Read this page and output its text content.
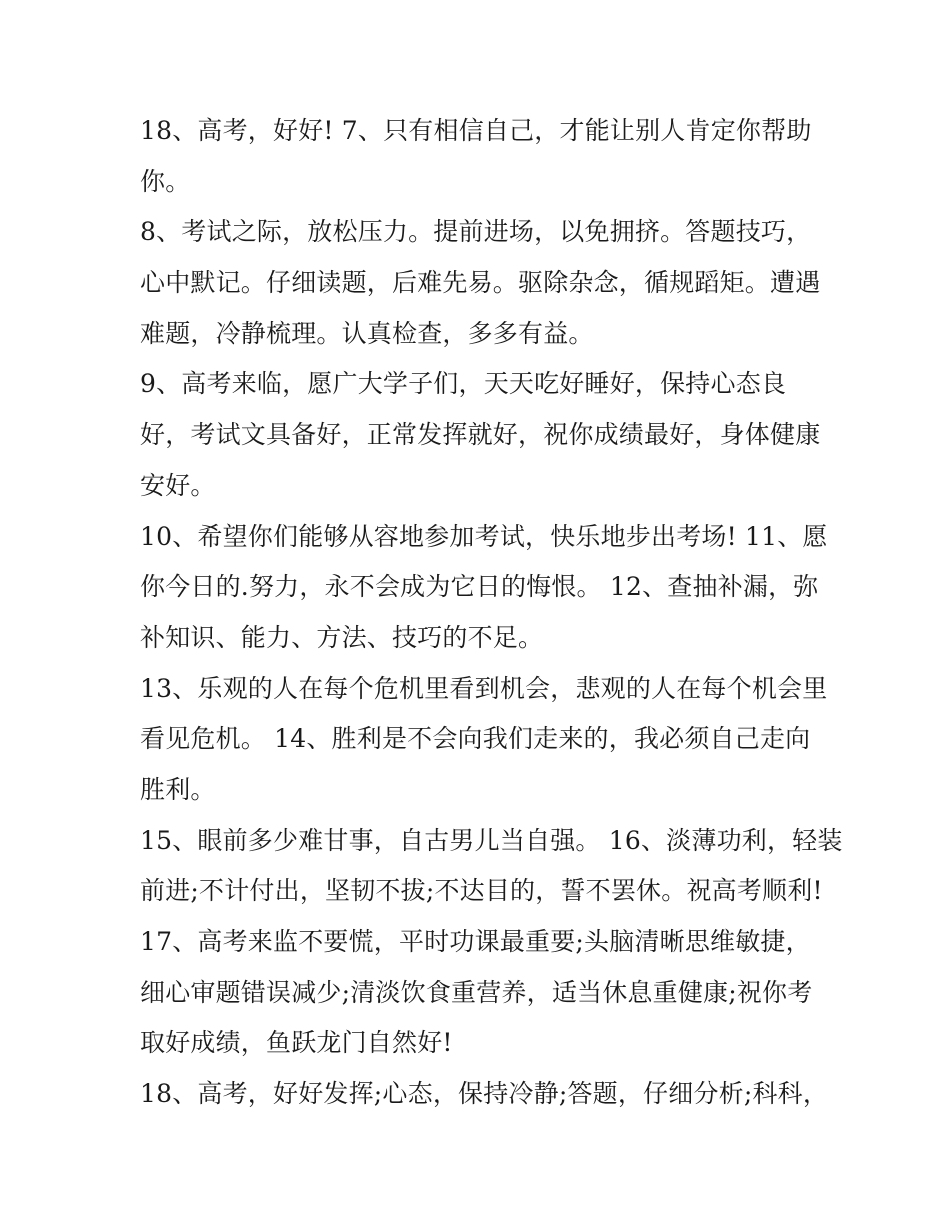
18、高考，好好! 7、只有相信自己，才能让别人肯定你帮助
你。

8、考试之际，放松压力。提前进场，以免拥挤。答题技巧，
心中默记。仔细读题，后难先易。驱除杂念，循规蹈矩。遭遇
难题，冷静梳理。认真检查，多多有益。

9、高考来临，愿广大学子们，天天吃好睡好，保持心态良
好，考试文具备好，正常发挥就好，祝你成绩最好，身体健康
安好。

10、希望你们能够从容地参加考试，快乐地步出考场! 11、愿
你今日的.努力，永不会成为它日的悔恨。 12、查抽补漏，弥
补知识、能力、方法、技巧的不足。

13、乐观的人在每个危机里看到机会，悲观的人在每个机会里
看见危机。 14、胜利是不会向我们走来的，我必须自己走向
胜利。

15、眼前多少难甘事，自古男儿当自强。 16、淡薄功利，轻装
前进;不计付出，坚韧不拔;不达目的，誓不罢休。祝高考顺利!

17、高考来监不要慌，平时功课最重要;头脑清晰思维敏捷，
细心审题错误减少;清淡饮食重营养，适当休息重健康;祝你考
取好成绩，鱼跃龙门自然好!

18、高考，好好发挥;心态，保持冷静;答题，仔细分析;科科，
